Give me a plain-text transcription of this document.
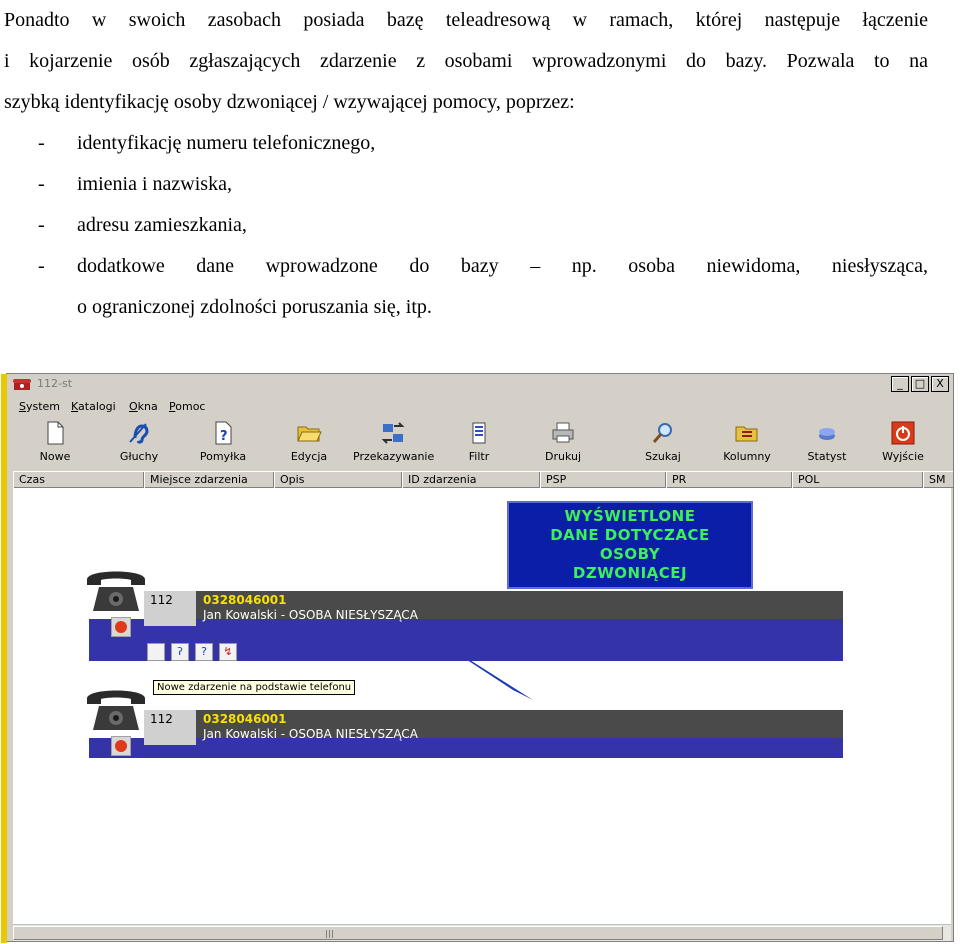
Ponadto w swoich zasobach posiada bazę teleadresową w ramach, której następuje łączenie
i kojarzenie osób zgłaszających zdarzenie z osobami wprowadzonymi do bazy. Pozwala to na
szybką identyfikację osoby dzwoniącej / wzywającej pomocy, poprzez:
- identyfikację numeru telefonicznego,
- imienia i nazwiska,
- adresu zamieszkania,
- dodatkowe dane wprowadzone do bazy – np. osoba niewidoma, niesłysząca,
o ograniczonej zdolności poruszania się, itp.
112-st	_	□	X
System Katalogi Okna Pomoc
Nowe	Głuchy
?
Pomyłka	Edycja	Przekazywanie	Filtr	Drukuj	Szukaj	Kolumny	Statyst	Wyjście
Czas	Miejsce zdarzenia	Opis	ID zdarzenia	PSP	PR	POL	SM
WYŚWIETLONE
DANE DOTYCZACE
OSOBY
DZWONIĄCEJ
112	0328046001
Jan Kowalski - OSOBA NIESŁYSZĄCA
ʔ	?	↯
Nowe zdarzenie na podstawie telefonu
112	0328046001
Jan Kowalski - OSOBA NIESŁYSZĄCA
